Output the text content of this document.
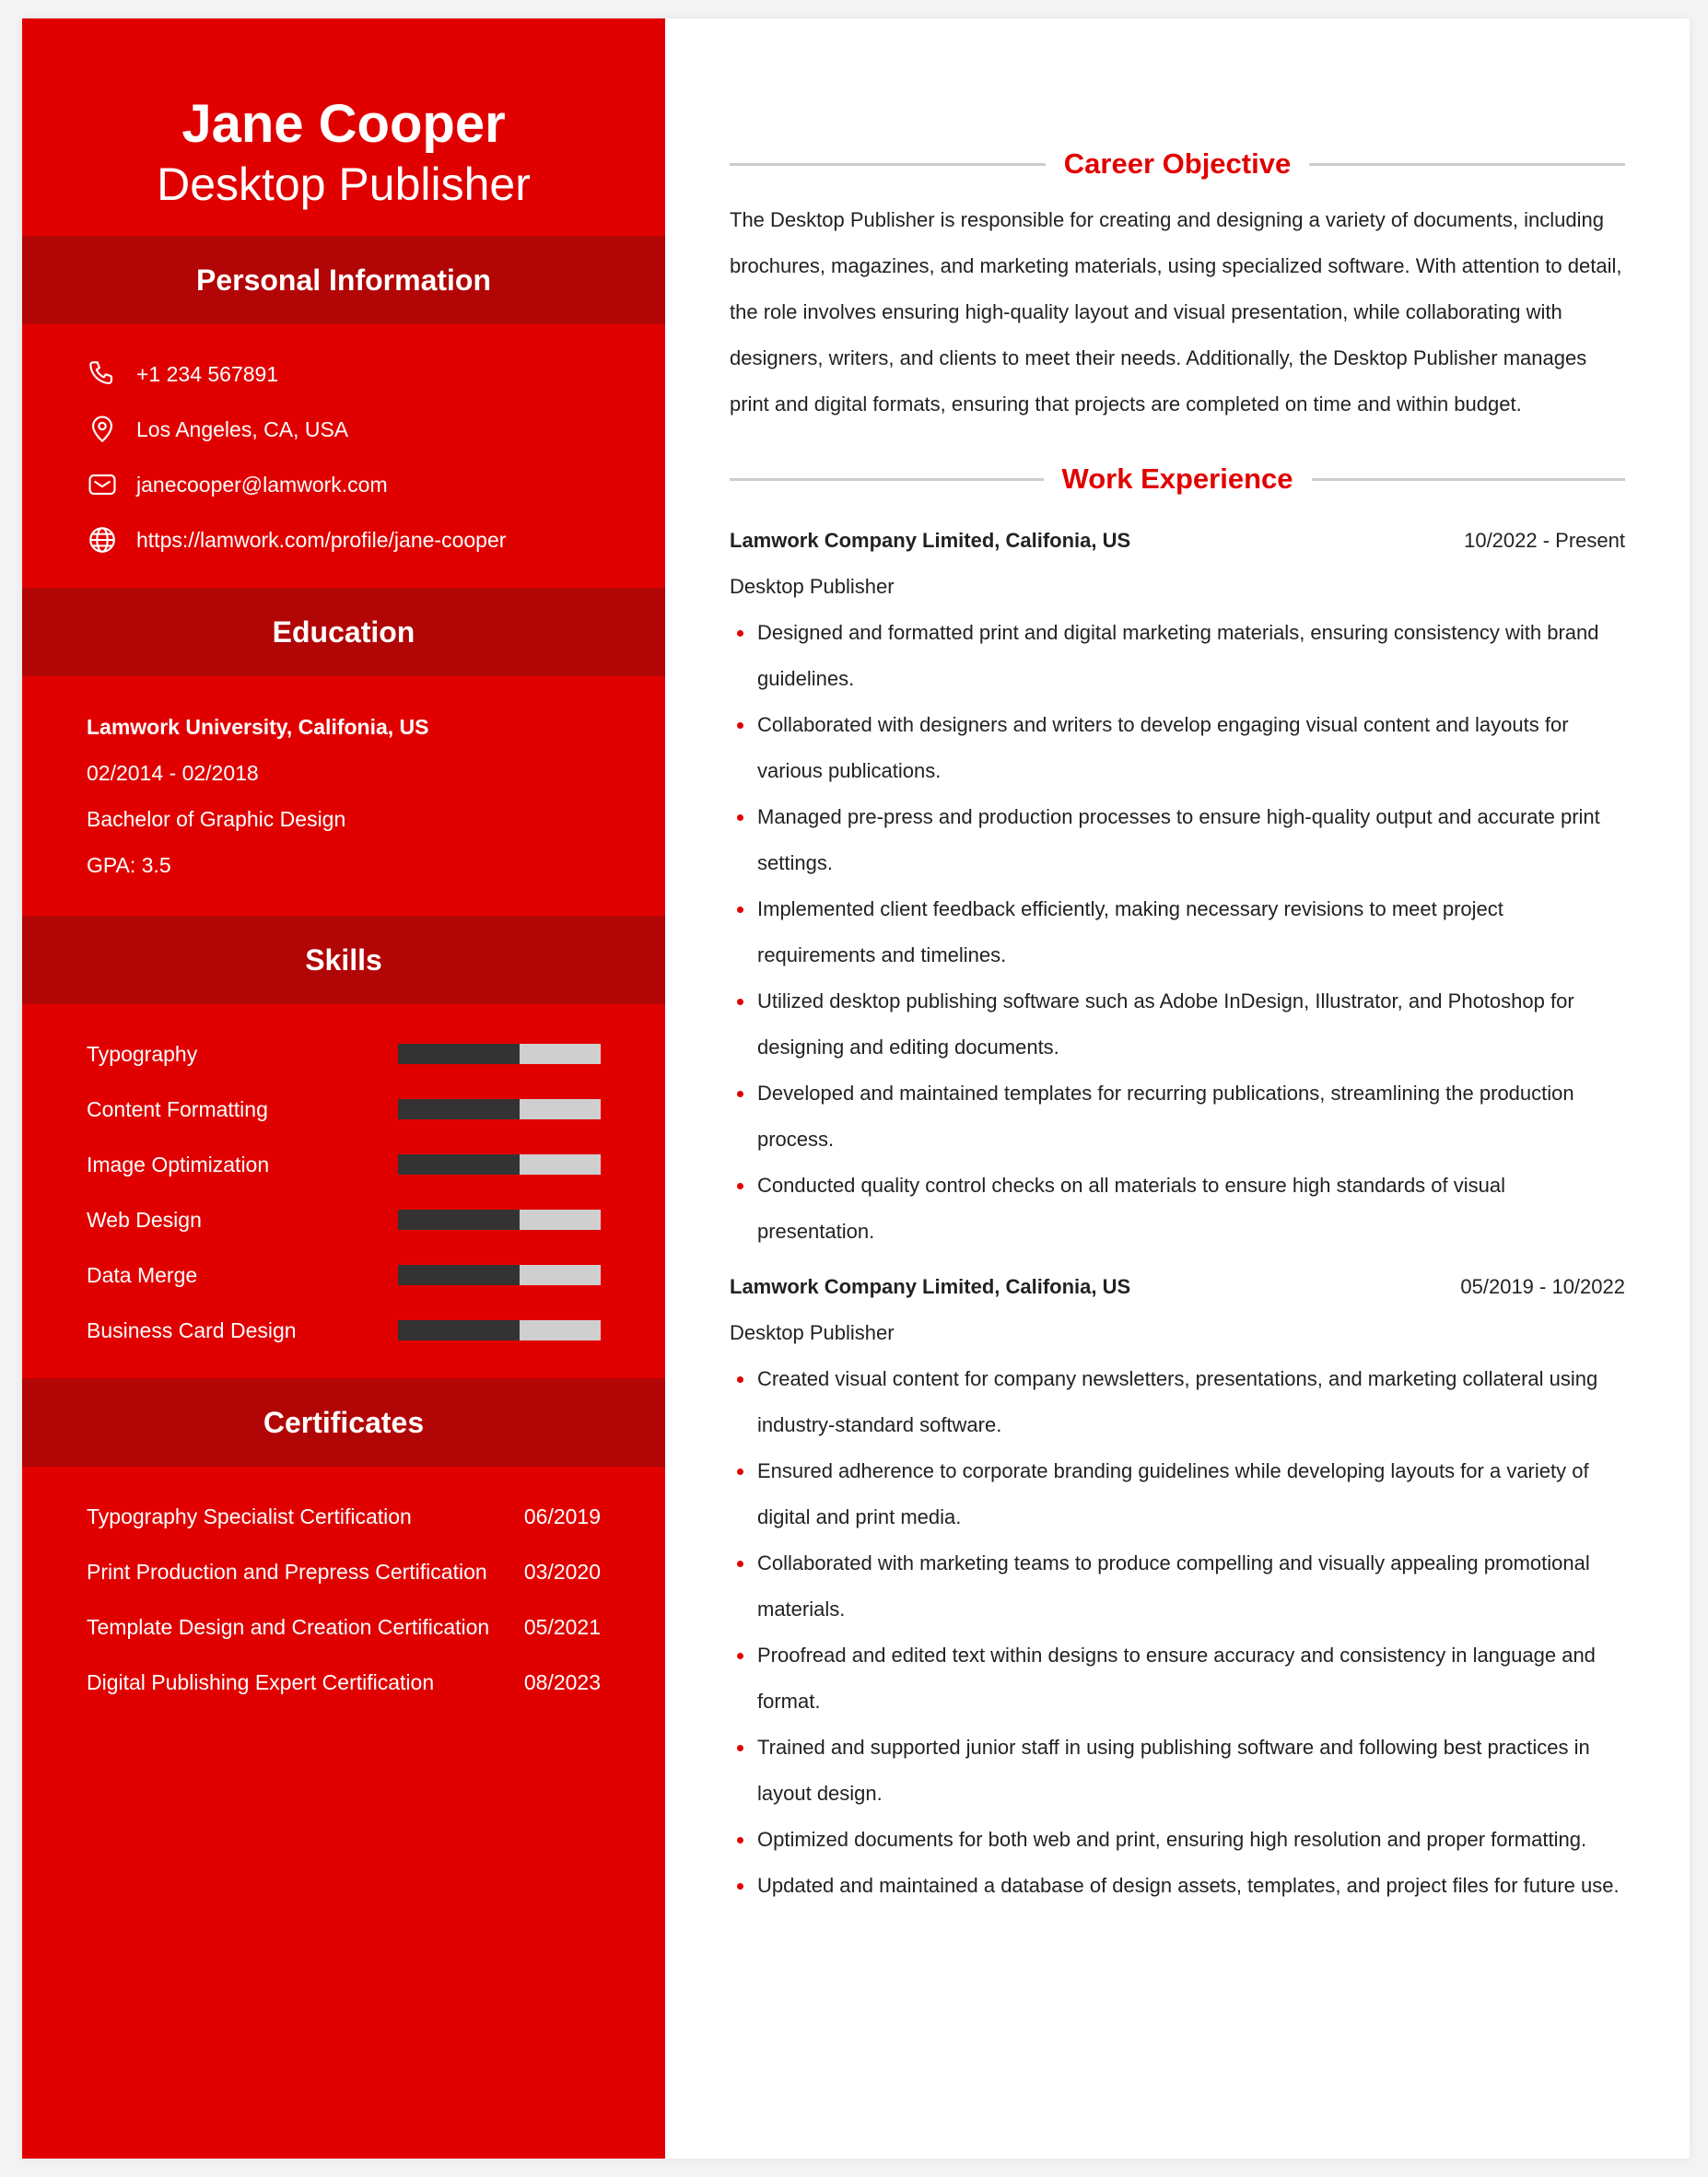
Jane Cooper
Desktop Publisher
Personal Information
+1 234 567891
Los Angeles, CA, USA
janecooper@lamwork.com
https://lamwork.com/profile/jane-cooper
Education
Lamwork University, Califonia, US
02/2014 - 02/2018
Bachelor of Graphic Design
GPA: 3.5
Skills
Typography
Content Formatting
Image Optimization
Web Design
Data Merge
Business Card Design
Certificates
Typography Specialist Certification	06/2019
Print Production and Prepress Certification 03/2020
Template Design and Creation Certification 05/2021
Digital Publishing Expert Certification	08/2023
Career Objective

The Desktop Publisher is responsible for creating and designing a variety of documents, including brochures, magazines, and marketing materials, using specialized software. With attention to detail, the role involves ensuring high-quality layout and visual presentation, while collaborating with designers, writers, and clients to meet their needs. Additionally, the Desktop Publisher manages print and digital formats, ensuring that projects are completed on time and within budget.

Work Experience
Lamwork Company Limited, Califonia, US	10/2022 - Present
Desktop Publisher
Designed and formatted print and digital marketing materials, ensuring consistency with brand guidelines.
Collaborated with designers and writers to develop engaging visual content and layouts for various publications.
Managed pre-press and production processes to ensure high-quality output and accurate print settings.
Implemented client feedback efficiently, making necessary revisions to meet project requirements and timelines.
Utilized desktop publishing software such as Adobe InDesign, Illustrator, and Photoshop for designing and editing documents.
Developed and maintained templates for recurring publications, streamlining the production process.
Conducted quality control checks on all materials to ensure high standards of visual presentation.
Lamwork Company Limited, Califonia, US	05/2019 - 10/2022
Desktop Publisher
Created visual content for company newsletters, presentations, and marketing collateral using industry-standard software.
Ensured adherence to corporate branding guidelines while developing layouts for a variety of digital and print media.
Collaborated with marketing teams to produce compelling and visually appealing promotional materials.
Proofread and edited text within designs to ensure accuracy and consistency in language and format.
Trained and supported junior staff in using publishing software and following best practices in layout design.
Optimized documents for both web and print, ensuring high resolution and proper formatting.
Updated and maintained a database of design assets, templates, and project files for future use.
